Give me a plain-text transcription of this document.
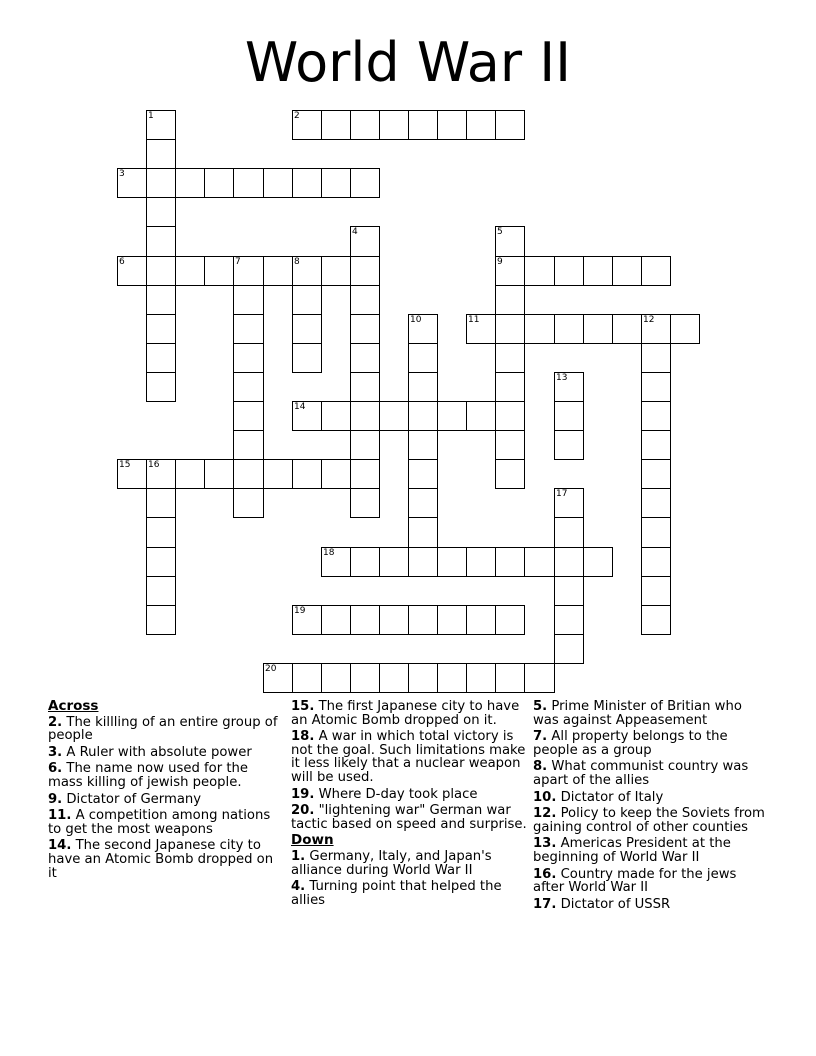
World War II
1	2
3
4	5
6	7	8	9
10	11	12
13
14
15 16
17
18
19
20

Across

2. The killling of an entire group of people

3. A Ruler with absolute power

6. The name now used for the mass killing of jewish people.

9. Dictator of Germany

11. A competition among nations to get the most weapons

14. The second Japanese city to have an Atomic Bomb dropped on it

15. The first Japanese city to have an Atomic Bomb dropped on it.

18. A war in which total victory is not the goal. Such limitations make it less likely that a nuclear weapon will be used.

19. Where D-day took place

20. "lightening war" German war tactic based on speed and surprise.

Down

1. Germany, Italy, and Japan's alliance during World War II

4. Turning point that helped the allies

5. Prime Minister of Britian who was against Appeasement

7. All property belongs to the people as a group

8. What communist country was apart of the allies

10. Dictator of Italy

12. Policy to keep the Soviets from gaining control of other counties

13. Americas President at the beginning of World War II

16. Country made for the jews after World War II

17. Dictator of USSR
